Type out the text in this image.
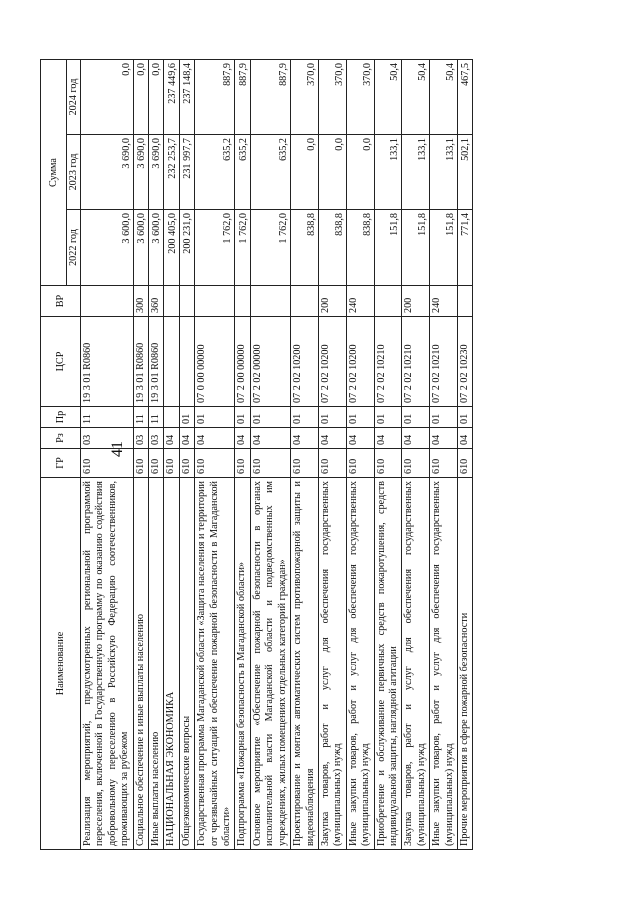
41
Наименование	ГР	Рз	Пр	ЦСР	ВР	Сумма		
						2022 год	2023 год	2024 год
Реализация мероприятий, предусмотренных региональной программой переселения, включенной в Государственную программу по оказанию содействия добровольному переселению в Российскую Федерацию соотечественников, проживающих за рубежом	610	03	11	19 3 01 R0860		3 600,0	3 690,0	0,0
Социальное обеспечение и иные выплаты населению	610	03	11	19 3 01 R0860	300	3 600,0	3 690,0	0,0
Иные выплаты населению	610	03	11	19 3 01 R0860	360	3 600,0	3 690,0	0,0
НАЦИОНАЛЬНАЯ ЭКОНОМИКА	610	04				200 405,0	232 253,7	237 449,6
Общеэкономические вопросы	610	04	01			200 231,0	231 997,7	237 148,4
Государственная программа Магаданской области «Защита населения и территории от чрезвычайных ситуаций и обеспечение пожарной безопасности в Магаданской области»	610	04	01	07 0 00 00000		1 762,0	635,2	887,9
Подпрограмма «Пожарная безопасность в Магаданской области»	610	04	01	07 2 00 00000		1 762,0	635,2	887,9
Основное мероприятие «Обеспечение пожарной безопасности в органах исполнительной власти Магаданской области и подведомственных им учреждениях, жилых помещениях отдельных категорий граждан»	610	04	01	07 2 02 00000		1 762,0	635,2	887,9
Проектирование и монтаж автоматических систем противопожарной защиты и видеонаблюдения	610	04	01	07 2 02 10200		838,8	0,0	370,0
Закупка товаров, работ и услуг для обеспечения государственных (муниципальных) нужд	610	04	01	07 2 02 10200	200	838,8	0,0	370,0
Иные закупки товаров, работ и услуг для обеспечения государственных (муниципальных) нужд	610	04	01	07 2 02 10200	240	838,8	0,0	370,0
Приобретение и обслуживание первичных средств пожаротушения, средств индивидуальной защиты, наглядной агитации	610	04	01	07 2 02 10210		151,8	133,1	50,4
Закупка товаров, работ и услуг для обеспечения государственных (муниципальных) нужд	610	04	01	07 2 02 10210	200	151,8	133,1	50,4
Иные закупки товаров, работ и услуг для обеспечения государственных (муниципальных) нужд	610	04	01	07 2 02 10210	240	151,8	133,1	50,4
Прочие мероприятия в сфере пожарной безопасности	610	04	01	07 2 02 10230		771,4	502,1	467,5
